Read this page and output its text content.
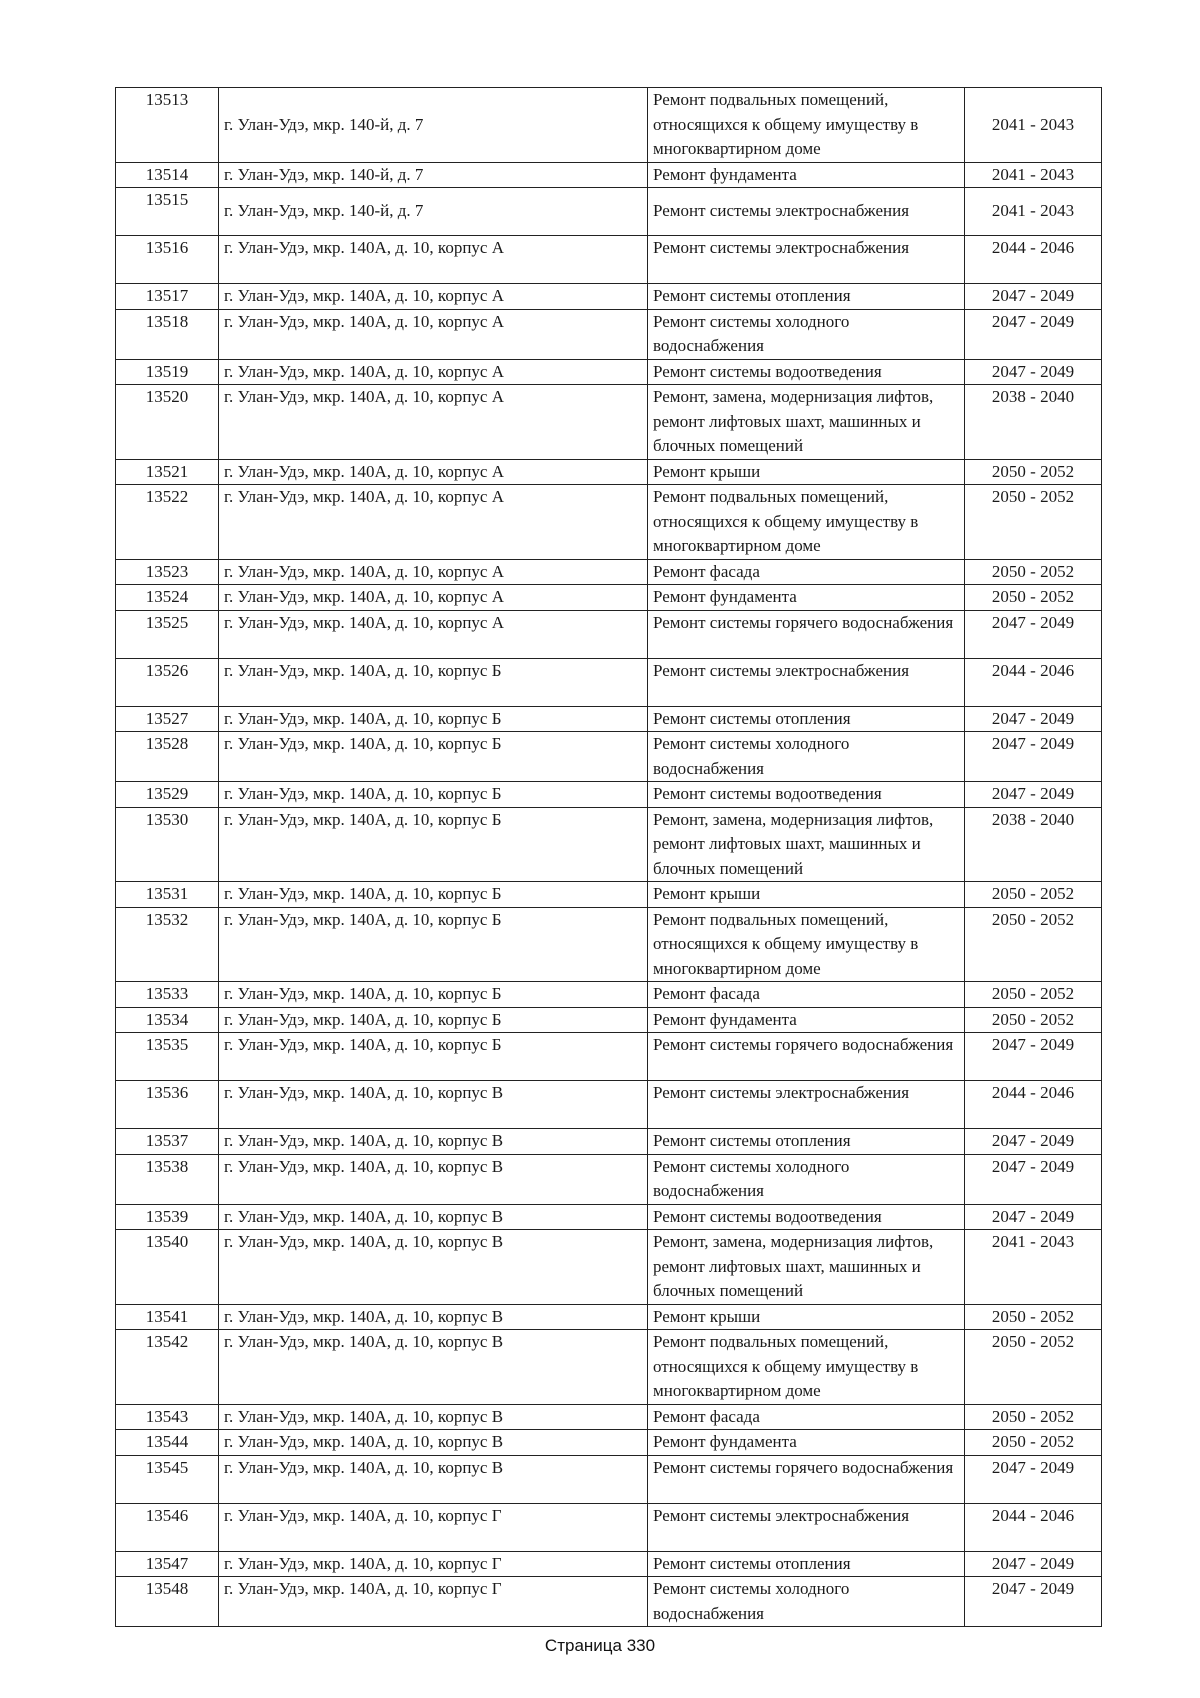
13513	г. Улан-Удэ, мкр. 140-й, д. 7	Ремонт подвальных помещений, относящихся к общему имуществу в многоквартирном доме	2041 - 2043
13514	г. Улан-Удэ, мкр. 140-й, д. 7	Ремонт фундамента	2041 - 2043
13515	г. Улан-Удэ, мкр. 140-й, д. 7	Ремонт системы электроснабжения	2041 - 2043
13516	г. Улан-Удэ, мкр. 140А, д. 10, корпус А	Ремонт системы электроснабжения	2044 - 2046
13517	г. Улан-Удэ, мкр. 140А, д. 10, корпус А	Ремонт системы отопления	2047 - 2049
13518	г. Улан-Удэ, мкр. 140А, д. 10, корпус А	Ремонт системы холодного водоснабжения	2047 - 2049
13519	г. Улан-Удэ, мкр. 140А, д. 10, корпус А	Ремонт системы водоотведения	2047 - 2049
13520	г. Улан-Удэ, мкр. 140А, д. 10, корпус А	Ремонт, замена, модернизация лифтов, ремонт лифтовых шахт, машинных и блочных помещений	2038 - 2040
13521	г. Улан-Удэ, мкр. 140А, д. 10, корпус А	Ремонт крыши	2050 - 2052
13522	г. Улан-Удэ, мкр. 140А, д. 10, корпус А	Ремонт подвальных помещений, относящихся к общему имуществу в многоквартирном доме	2050 - 2052
13523	г. Улан-Удэ, мкр. 140А, д. 10, корпус А	Ремонт фасада	2050 - 2052
13524	г. Улан-Удэ, мкр. 140А, д. 10, корпус А	Ремонт фундамента	2050 - 2052
13525	г. Улан-Удэ, мкр. 140А, д. 10, корпус А	Ремонт системы горячего водоснабжения	2047 - 2049
13526	г. Улан-Удэ, мкр. 140А, д. 10, корпус Б	Ремонт системы электроснабжения	2044 - 2046
13527	г. Улан-Удэ, мкр. 140А, д. 10, корпус Б	Ремонт системы отопления	2047 - 2049
13528	г. Улан-Удэ, мкр. 140А, д. 10, корпус Б	Ремонт системы холодного водоснабжения	2047 - 2049
13529	г. Улан-Удэ, мкр. 140А, д. 10, корпус Б	Ремонт системы водоотведения	2047 - 2049
13530	г. Улан-Удэ, мкр. 140А, д. 10, корпус Б	Ремонт, замена, модернизация лифтов, ремонт лифтовых шахт, машинных и блочных помещений	2038 - 2040
13531	г. Улан-Удэ, мкр. 140А, д. 10, корпус Б	Ремонт крыши	2050 - 2052
13532	г. Улан-Удэ, мкр. 140А, д. 10, корпус Б	Ремонт подвальных помещений, относящихся к общему имуществу в многоквартирном доме	2050 - 2052
13533	г. Улан-Удэ, мкр. 140А, д. 10, корпус Б	Ремонт фасада	2050 - 2052
13534	г. Улан-Удэ, мкр. 140А, д. 10, корпус Б	Ремонт фундамента	2050 - 2052
13535	г. Улан-Удэ, мкр. 140А, д. 10, корпус Б	Ремонт системы горячего водоснабжения	2047 - 2049
13536	г. Улан-Удэ, мкр. 140А, д. 10, корпус В	Ремонт системы электроснабжения	2044 - 2046
13537	г. Улан-Удэ, мкр. 140А, д. 10, корпус В	Ремонт системы отопления	2047 - 2049
13538	г. Улан-Удэ, мкр. 140А, д. 10, корпус В	Ремонт системы холодного водоснабжения	2047 - 2049
13539	г. Улан-Удэ, мкр. 140А, д. 10, корпус В	Ремонт системы водоотведения	2047 - 2049
13540	г. Улан-Удэ, мкр. 140А, д. 10, корпус В	Ремонт, замена, модернизация лифтов, ремонт лифтовых шахт, машинных и блочных помещений	2041 - 2043
13541	г. Улан-Удэ, мкр. 140А, д. 10, корпус В	Ремонт крыши	2050 - 2052
13542	г. Улан-Удэ, мкр. 140А, д. 10, корпус В	Ремонт подвальных помещений, относящихся к общему имуществу в многоквартирном доме	2050 - 2052
13543	г. Улан-Удэ, мкр. 140А, д. 10, корпус В	Ремонт фасада	2050 - 2052
13544	г. Улан-Удэ, мкр. 140А, д. 10, корпус В	Ремонт фундамента	2050 - 2052
13545	г. Улан-Удэ, мкр. 140А, д. 10, корпус В	Ремонт системы горячего водоснабжения	2047 - 2049
13546	г. Улан-Удэ, мкр. 140А, д. 10, корпус Г	Ремонт системы электроснабжения	2044 - 2046
13547	г. Улан-Удэ, мкр. 140А, д. 10, корпус Г	Ремонт системы отопления	2047 - 2049
13548	г. Улан-Удэ, мкр. 140А, д. 10, корпус Г	Ремонт системы холодного водоснабжения	2047 - 2049
Страница 330
